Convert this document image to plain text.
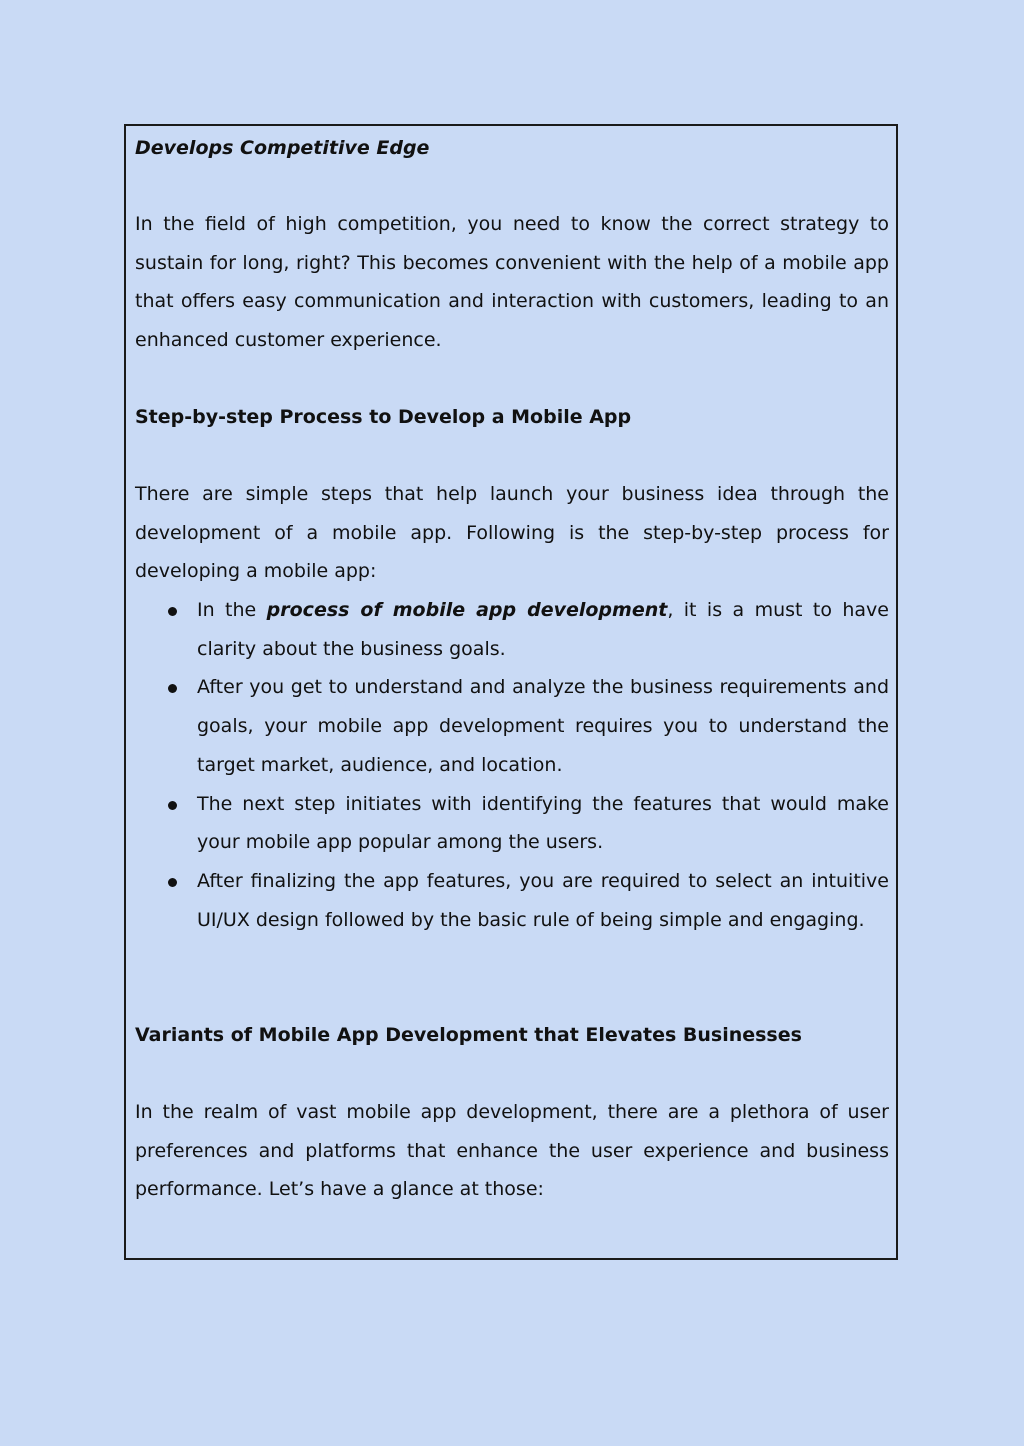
Develops Competitive Edge

In the field of high competition, you need to know the correct strategy to sustain for long, right? This becomes convenient with the help of a mobile app that offers easy communication and interaction with customers, leading to an enhanced customer experience.

Step-by-step Process to Develop a Mobile App

There are simple steps that help launch your business idea through the development of a mobile app. Following is the step-by-step process for developing a mobile app:

In the process of mobile app development, it is a must to have clarity about the business goals.
After you get to understand and analyze the business requirements and goals, your mobile app development requires you to understand the target market, audience, and location.
The next step initiates with identifying the features that would make your mobile app popular among the users.
After finalizing the app features, you are required to select an intuitive UI/UX design followed by the basic rule of being simple and engaging.

Variants of Mobile App Development that Elevates Businesses

In the realm of vast mobile app development, there are a plethora of user preferences and platforms that enhance the user experience and business performance. Let’s have a glance at those:
